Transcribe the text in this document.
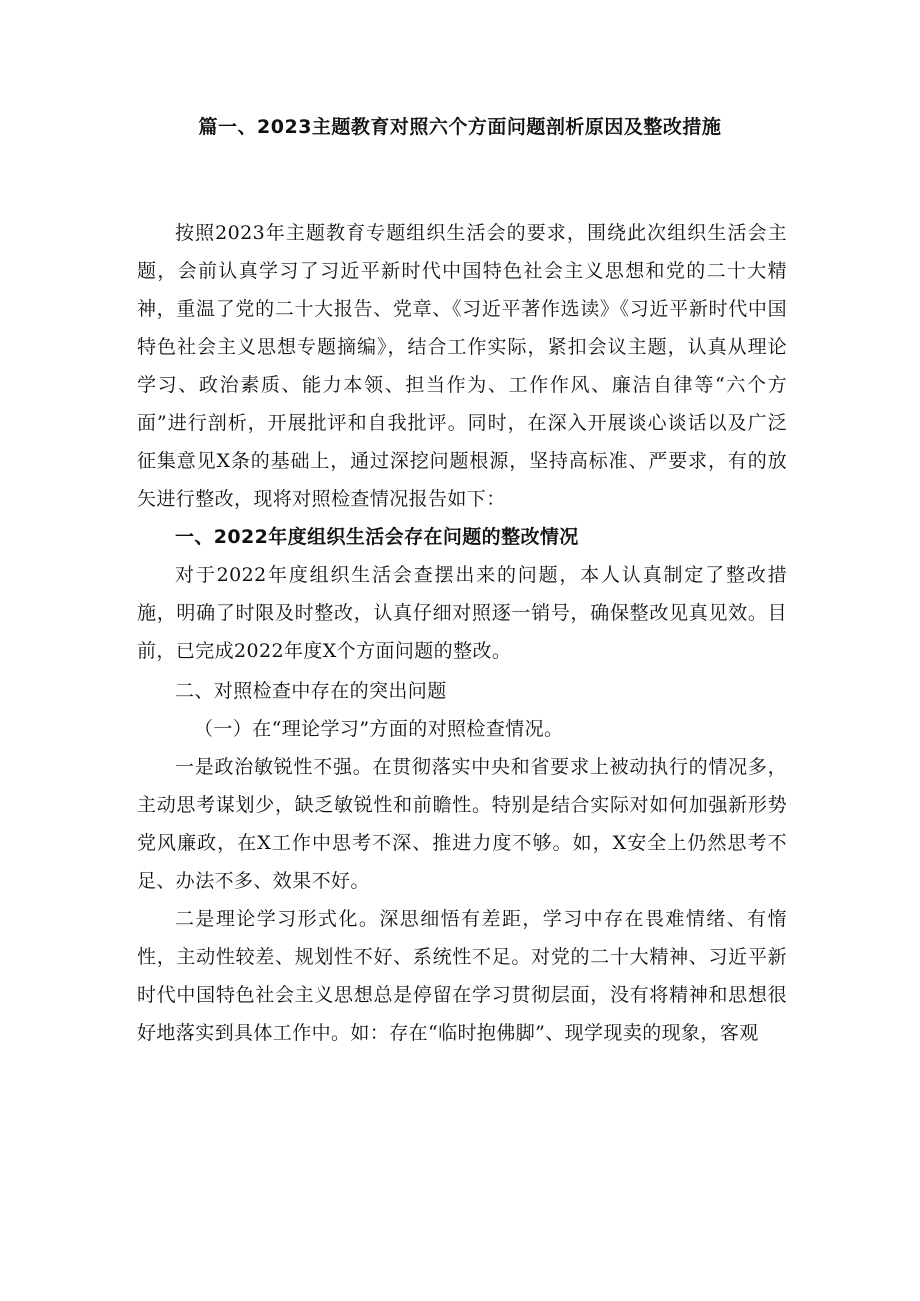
篇一、2023主题教育对照六个方面问题剖析原因及整改措施

按照2023年主题教育专题组织生活会的要求，围绕此次组织生活会主题，会前认真学习了习近平新时代中国特色社会主义思想和党的二十大精神，重温了党的二十大报告、党章、《习近平著作选读》《习近平新时代中国特色社会主义思想专题摘编》，结合工作实际，紧扣会议主题，认真从理论学习、政治素质、能力本领、担当作为、工作作风、廉洁自律等“六个方面”进行剖析，开展批评和自我批评。同时，在深入开展谈心谈话以及广泛征集意见X条的基础上，通过深挖问题根源，坚持高标准、严要求，有的放矢进行整改，现将对照检查情况报告如下：

一、2022年度组织生活会存在问题的整改情况

对于2022年度组织生活会查摆出来的问题，本人认真制定了整改措施，明确了时限及时整改，认真仔细对照逐一销号，确保整改见真见效。目前，已完成2022年度X个方面问题的整改。

二、对照检查中存在的突出问题

（一）在“理论学习”方面的对照检查情况。

一是政治敏锐性不强。在贯彻落实中央和省要求上被动执行的情况多，主动思考谋划少，缺乏敏锐性和前瞻性。特别是结合实际对如何加强新形势党风廉政，在X工作中思考不深、推进力度不够。如，X安全上仍然思考不足、办法不多、效果不好。

二是理论学习形式化。深思细悟有差距，学习中存在畏难情绪、有惰性，主动性较差、规划性不好、系统性不足。对党的二十大精神、习近平新时代中国特色社会主义思想总是停留在学习贯彻层面，没有将精神和思想很好地落实到具体工作中。如：存在“临时抱佛脚”、现学现卖的现象，客观
